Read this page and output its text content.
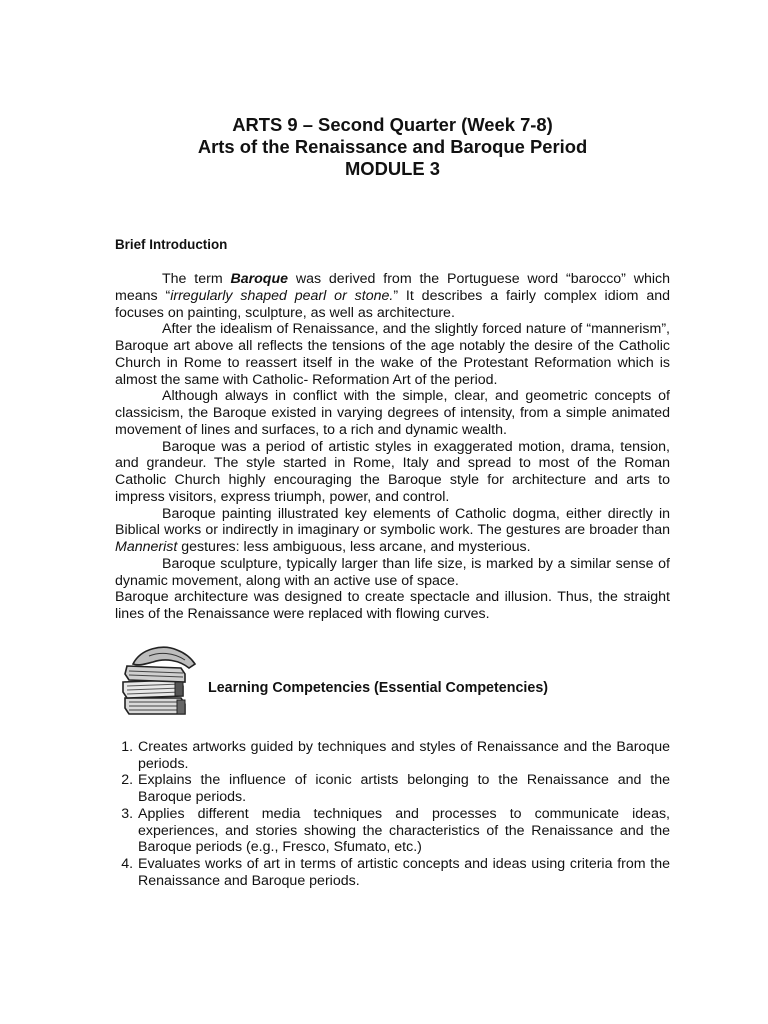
ARTS 9 – Second Quarter (Week 7-8)

Arts of the Renaissance and Baroque Period

MODULE 3

Brief Introduction

The term Baroque was derived from the Portuguese word “barocco” which means “irregularly shaped pearl or stone.” It describes a fairly complex idiom and focuses on painting, sculpture, as well as architecture.

After the idealism of Renaissance, and the slightly forced nature of “mannerism”, Baroque art above all reflects the tensions of the age notably the desire of the Catholic Church in Rome to reassert itself in the wake of the Protestant Reformation which is almost the same with Catholic- Reformation Art of the period.

Although always in conflict with the simple, clear, and geometric concepts of classicism, the Baroque existed in varying degrees of intensity, from a simple animated movement of lines and surfaces, to a rich and dynamic wealth.

Baroque was a period of artistic styles in exaggerated motion, drama, tension, and grandeur. The style started in Rome, Italy and spread to most of the Roman Catholic Church highly encouraging the Baroque style for architecture and arts to impress visitors, express triumph, power, and control.

Baroque painting illustrated key elements of Catholic dogma, either directly in Biblical works or indirectly in imaginary or symbolic work. The gestures are broader than Mannerist gestures: less ambiguous, less arcane, and mysterious.

Baroque sculpture, typically larger than life size, is marked by a similar sense of dynamic movement, along with an active use of space.

Baroque architecture was designed to create spectacle and illusion. Thus, the straight lines of the Renaissance were replaced with flowing curves.

Learning Competencies (Essential Competencies)
1. Creates artworks guided by techniques and styles of Renaissance and the Baroque periods.
2. Explains the influence of iconic artists belonging to the Renaissance and the Baroque periods.
3. Applies different media techniques and processes to communicate ideas, experiences, and stories showing the characteristics of the Renaissance and the Baroque periods (e.g., Fresco, Sfumato, etc.)
4. Evaluates works of art in terms of artistic concepts and ideas using criteria from the Renaissance and Baroque periods.
